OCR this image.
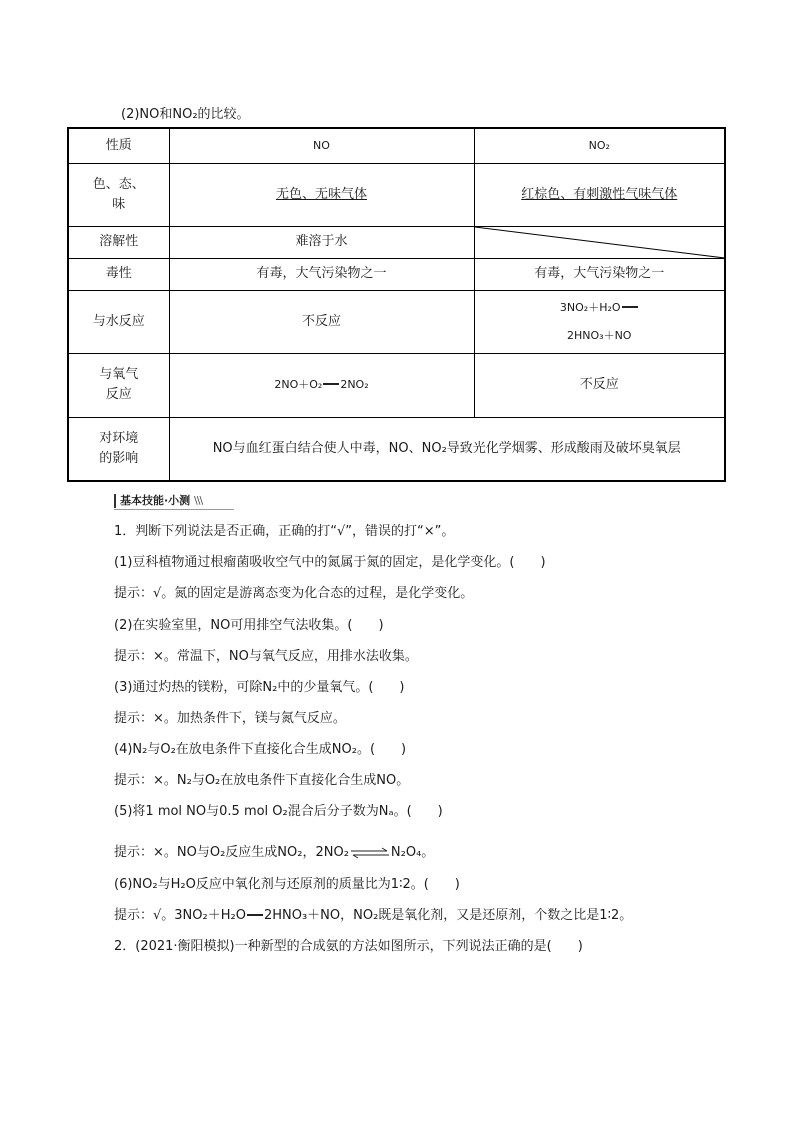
(2)NO和NO₂的比较。
性质	NO	NO₂
色、态、
味	无色、无味气体	红棕色、有刺激性气味气体
溶解性	难溶于水	

毒性	有毒，大气污染物之一	有毒，大气污染物之一
与水反应	不反应	3NO₂＋H₂O
2HNO₃＋NO
与氧气
反应	2NO＋O₂ 2NO₂	不反应
对环境
的影响	NO与血红蛋白结合使人中毒，NO、NO₂导致光化学烟雾、形成酸雨及破坏臭氧层	
基本技能·小测 \\\
1．判断下列说法是否正确，正确的打“√”，错误的打“×”。
(1)豆科植物通过根瘤菌吸收空气中的氮属于氮的固定，是化学变化。(　　)
提示：√。氮的固定是游离态变为化合态的过程，是化学变化。
(2)在实验室里，NO可用排空气法收集。(　　)
提示：×。常温下，NO与氧气反应，用排水法收集。
(3)通过灼热的镁粉，可除N₂中的少量氧气。(　　)
提示：×。加热条件下，镁与氮气反应。
(4)N₂与O₂在放电条件下直接化合生成NO₂。(　　)
提示：×。N₂与O₂在放电条件下直接化合生成NO。
(5)将1 mol NO与0.5 mol O₂混合后分子数为Nₐ。(　　)
提示：×。NO与O₂反应生成NO₂，2NO₂⇌N₂O₄。
(6)NO₂与H₂O反应中氧化剂与还原剂的质量比为1∶2。(　　)
提示：√。3NO₂＋H₂O 2HNO₃＋NO，NO₂既是氧化剂，又是还原剂，个数之比是1∶2。
2．(2021·衡阳模拟)一种新型的合成氨的方法如图所示，下列说法正确的是(　　)
